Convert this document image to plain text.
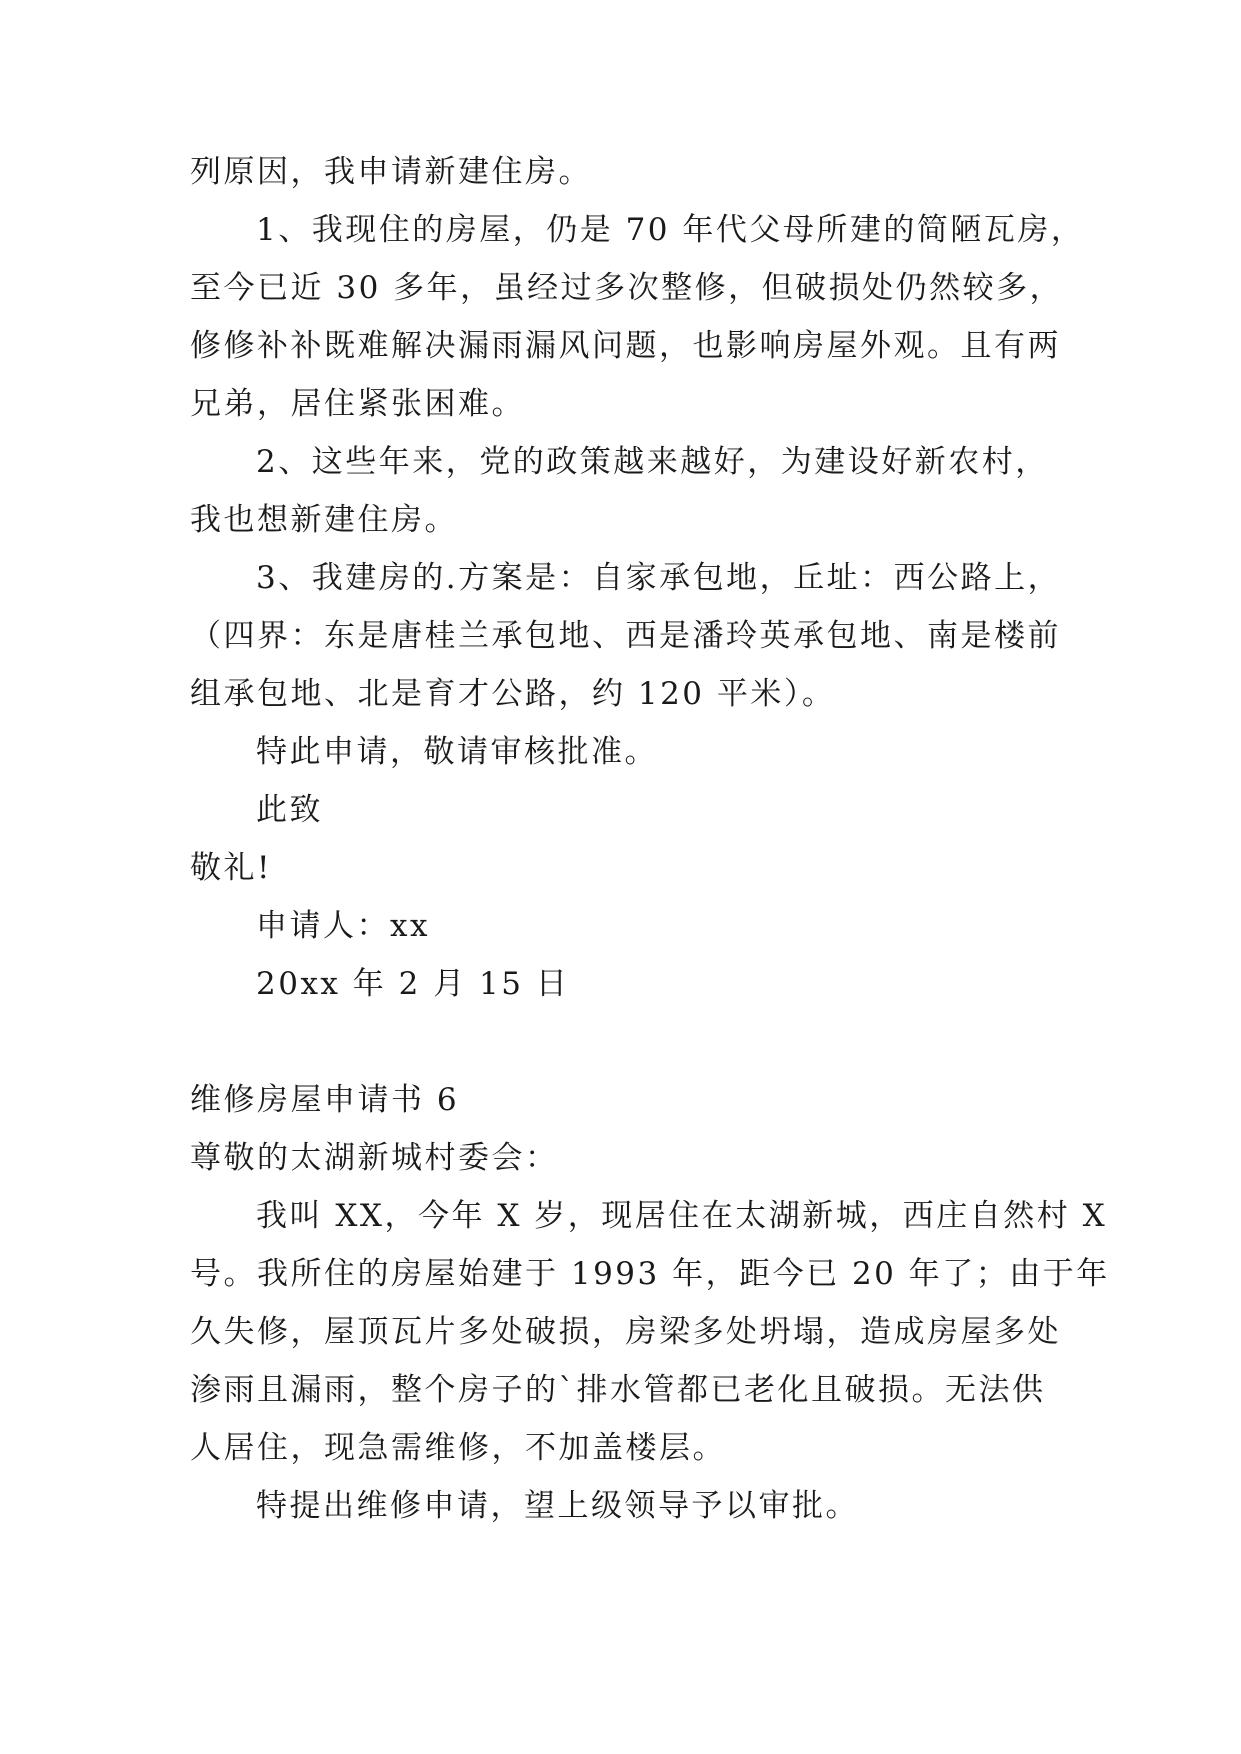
列原因，我申请新建住房。
1、我现住的房屋，仍是 70 年代父母所建的简陋瓦房，
至今已近 30 多年，虽经过多次整修，但破损处仍然较多，
修修补补既难解决漏雨漏风问题，也影响房屋外观。且有两
兄弟，居住紧张困难。
2、这些年来，党的政策越来越好，为建设好新农村，
我也想新建住房。
3、我建房的.方案是：自家承包地，丘址：西公路上，
（四界：东是唐桂兰承包地、西是潘玲英承包地、南是楼前
组承包地、北是育才公路，约 120 平米）。
特此申请，敬请审核批准。
此致
敬礼!
申请人：xx
20xx 年 2 月 15 日
维修房屋申请书 6
尊敬的太湖新城村委会：
我叫 XX，今年 X 岁，现居住在太湖新城，西庄自然村 X
号。我所住的房屋始建于 1993 年，距今已 20 年了；由于年
久失修，屋顶瓦片多处破损，房梁多处坍塌，造成房屋多处
渗雨且漏雨，整个房子的`排水管都已老化且破损。无法供
人居住，现急需维修，不加盖楼层。
特提出维修申请，望上级领导予以审批。
